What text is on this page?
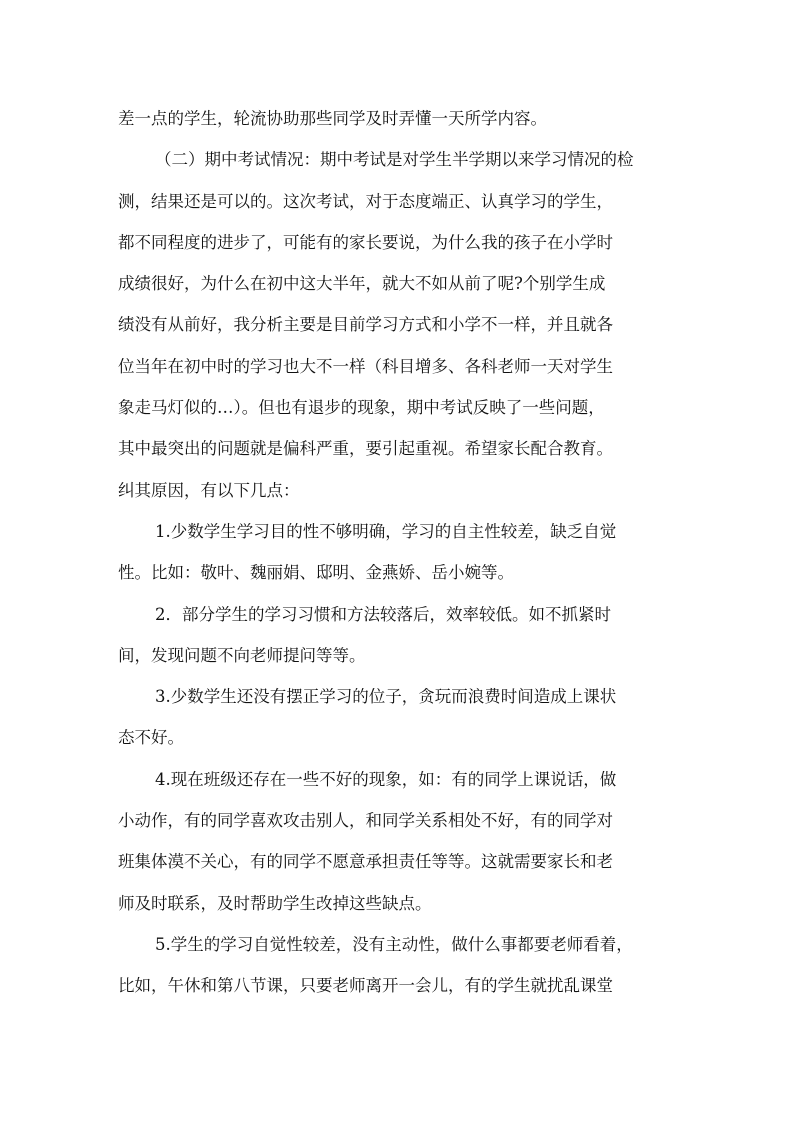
差一点的学生，轮流协助那些同学及时弄懂一天所学内容。
（二）期中考试情况：期中考试是对学生半学期以来学习情况的检
测，结果还是可以的。这次考试，对于态度端正、认真学习的学生，
都不同程度的进步了，可能有的家长要说，为什么我的孩子在小学时
成绩很好，为什么在初中这大半年，就大不如从前了呢?个别学生成
绩没有从前好，我分析主要是目前学习方式和小学不一样，并且就各
位当年在初中时的学习也大不一样（科目增多、各科老师一天对学生
象走马灯似的…）。但也有退步的现象，期中考试反映了一些问题，
其中最突出的问题就是偏科严重，要引起重视。希望家长配合教育。
纠其原因，有以下几点：
1.少数学生学习目的性不够明确，学习的自主性较差，缺乏自觉
性。比如：敬叶、魏丽娟、邸明、金燕娇、岳小婉等。
2．部分学生的学习习惯和方法较落后，效率较低。如不抓紧时
间，发现问题不向老师提问等等。
3.少数学生还没有摆正学习的位子，贪玩而浪费时间造成上课状
态不好。
4.现在班级还存在一些不好的现象，如：有的同学上课说话，做
小动作，有的同学喜欢攻击别人，和同学关系相处不好，有的同学对
班集体漠不关心，有的同学不愿意承担责任等等。这就需要家长和老
师及时联系，及时帮助学生改掉这些缺点。
5.学生的学习自觉性较差，没有主动性，做什么事都要老师看着，
比如，午休和第八节课，只要老师离开一会儿，有的学生就扰乱课堂
